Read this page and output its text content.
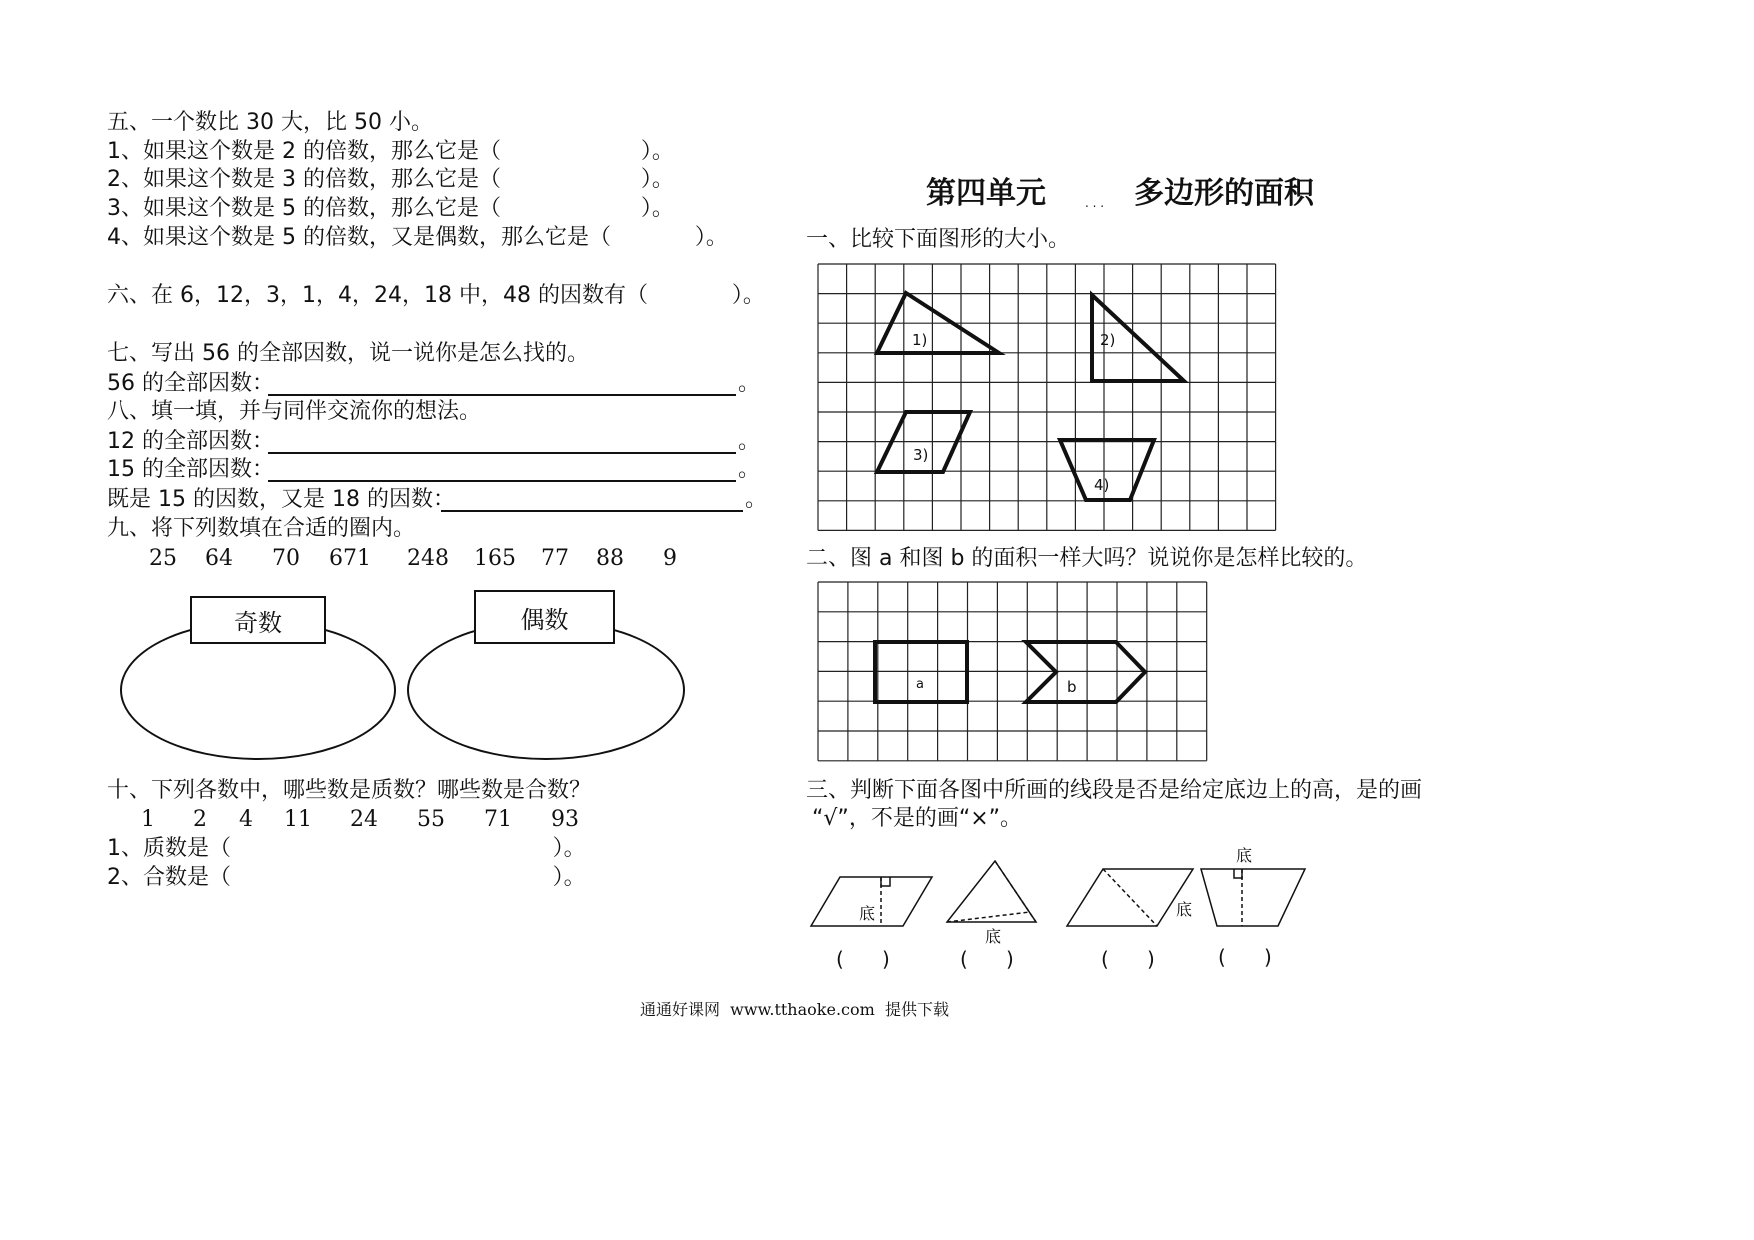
五、一个数比 30 大，比 50 小。
1、如果这个数是 2 的倍数，那么它是（                    ）。
2、如果这个数是 3 的倍数，那么它是（                    ）。
3、如果这个数是 5 的倍数，那么它是（                    ）。
4、如果这个数是 5 的倍数，又是偶数，那么它是（            ）。
六、在 6，12，3，1，4，24，18 中，48 的因数有（            ）。
七、写出 56 的全部因数，说一说你是怎么找的。
56 的全部因数：	。
八、填一填，并与同伴交流你的想法。
12 的全部因数：	。
15 的全部因数：	。
既是 15 的因数，又是 18 的因数：	。
九、将下列数填在合适的圈内。
25 64 70 671 248 165 77 88 9
奇数	偶数
十、下列各数中，哪些数是质数？哪些数是合数？
1 2 4 11 24 55 71 93
1、质数是（                                              ）。
2、合数是（                                              ）。
第四单元	. . . 多边形的面积
一、比较下面图形的大小。
1)	2)
3)
4)
a	b
底
底
底
底
二、图 a 和图 b 的面积一样大吗？说说你是怎样比较的。
三、判断下面各图中所画的线段是否是给定底边上的高，是的画
“√”，不是的画“×”。
(      )	(      )	(      )	(      )
通通好课网  www.tthaoke.com  提供下载
